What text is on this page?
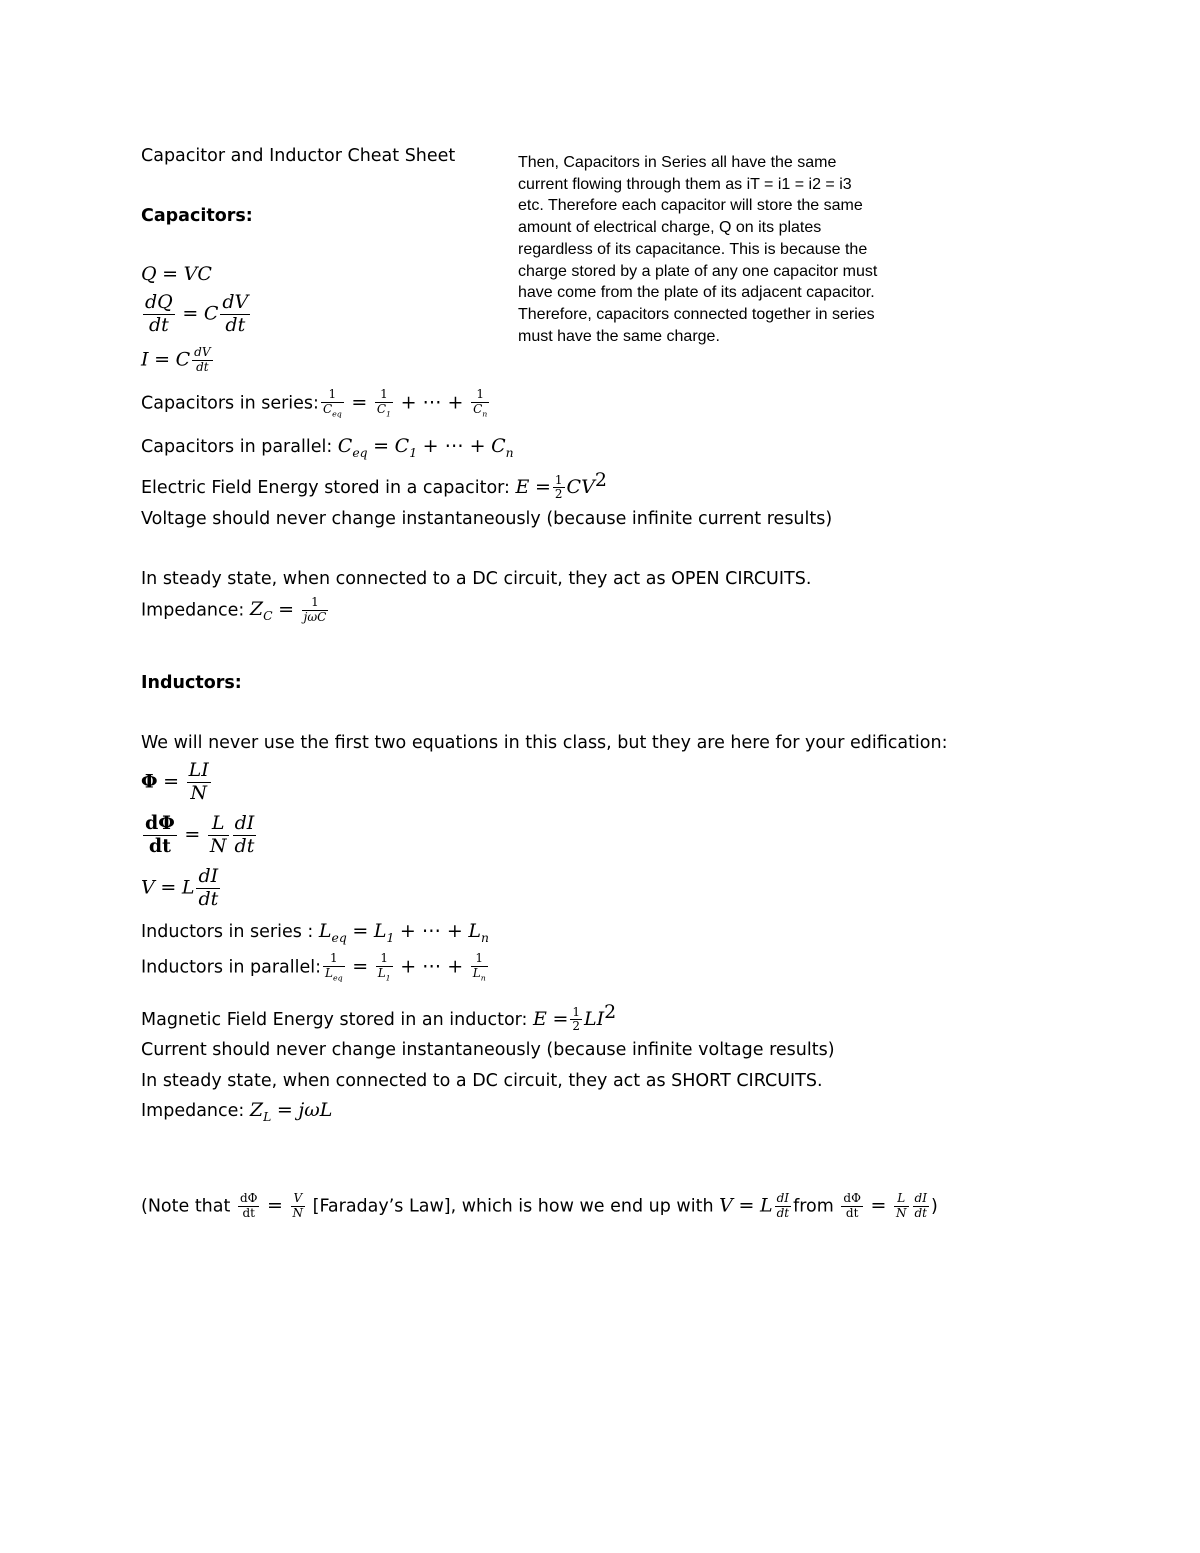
Capacitor and Inductor Cheat Sheet
Capacitors:
Q = VC
$\frac{dQ}{dt} = C \frac{dV}{dt}$
I = C $\frac{dV}{dt}$
Capacitors in series: $\frac{1}{C_{eq}} = \frac{1}{C_1}$ + ⋯ + $\frac{1}{C_n}$
Capacitors in parallel: $C_{eq} = C_1$ + ⋯ + $C_n$
Electric Field Energy stored in a capacitor: $E = \frac{1}{2} CV^2$
Voltage should never change instantaneously (because infinite current results)
In steady state, when connected to a DC circuit, they act as OPEN CIRCUITS.
Impedance: $Z_C = \frac{1}{\text{jωC}}$
Inductors:
We will never use the first two equations in this class, but they are here for your edification:
$\Phi = \frac{LI}{N}$
$\frac{d\Phi}{dt} = \frac{L}{N} \frac{dI}{dt}$
V = L $\frac{dI}{dt}$
Inductors in series : $L_{eq} = L_1$ + ⋯ + $L_n$
Inductors in parallel: $\frac{1}{L_{eq}} = \frac{1}{L_1}$ + ⋯ + $\frac{1}{L_n}$
Magnetic Field Energy stored in an inductor: $E = \frac{1}{2} LI^2$
Current should never change instantaneously (because infinite voltage results)
In steady state, when connected to a DC circuit, they act as SHORT CIRCUITS.
Impedance: $Z_L = j\omega L$
(Note that $\frac{d\Phi}{dt} = \frac{V}{N}$ [Faraday’s Law], which is how we end up with V = L $\frac{dI}{dt}$ from $\frac{d\Phi}{dt} = \frac{L}{N} \frac{dI}{dt}$ )
Then, Capacitors in Series all have the same
current flowing through them as iT = i1 = i2 = i3
etc. Therefore each capacitor will store the same
amount of electrical charge, Q on its plates
regardless of its capacitance. This is because the
charge stored by a plate of any one capacitor must
have come from the plate of its adjacent capacitor.
Therefore, capacitors connected together in series
must have the same charge.
